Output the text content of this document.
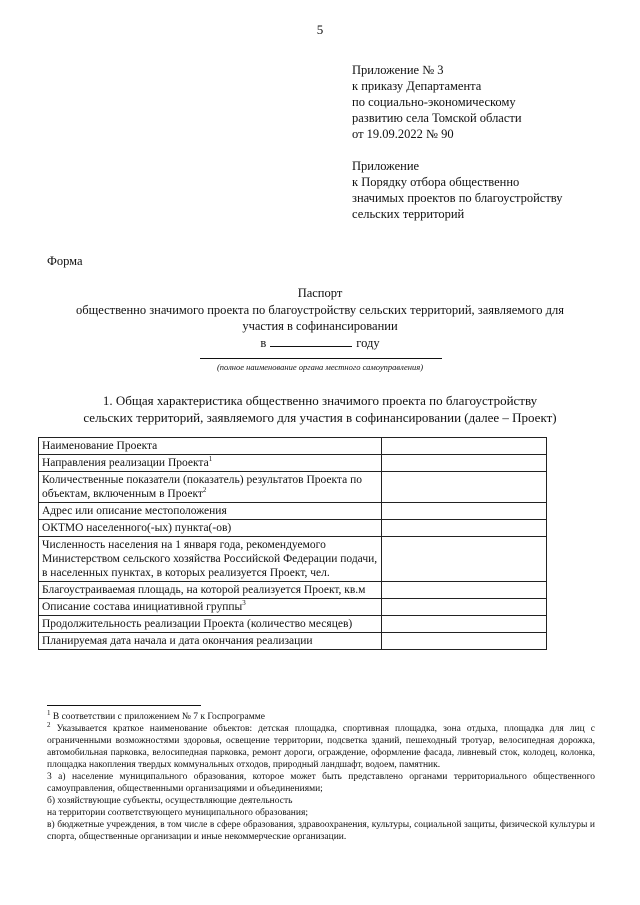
5
Приложение № 3
к приказу Департамента
по социально-экономическому
развитию села Томской области
от 19.09.2022 № 90
Приложение
к Порядку отбора общественно
значимых проектов по благоустройству
сельских территорий
Форма
Паспорт
общественно значимого проекта по благоустройству сельских территорий, заявляемого для
участия в софинансировании
в	году
(полное наименование органа местного самоуправления)
1. Общая характеристика общественно значимого проекта по благоустройству
сельских территорий, заявляемого для участия в софинансировании (далее – Проект)
Наименование Проекта	
Направления реализации Проекта$^1$	
Количественные показатели (показатель) результатов Проекта по объектам, включенным в Проект$^2$	
Адрес или описание местоположения	
ОКТМО населенного(-ых) пункта(-ов)	
Численность населения на 1 января года, рекомендуемого Министерством сельского хозяйства Российской Федерации подачи, в населенных пунктах, в которых реализуется Проект, чел.	
Благоустраиваемая площадь, на которой реализуется Проект, кв.м	
Описание состава инициативной группы$^3$	
Продолжительность реализации Проекта (количество месяцев)	
Планируемая дата начала и дата окончания реализации	

$^1$ В соответствии с приложением № 7 к Госпрограмме

$^2$ Указывается краткое наименование объектов: детская площадка, спортивная площадка, зона отдыха, площадка для лиц с ограниченными возможностями здоровья, освещение территории, подсветка зданий, пешеходный тротуар, велосипедная дорожка, автомобильная парковка, велосипедная парковка, ремонт дороги, ограждение, оформление фасада, ливневый сток, колодец, колонка, площадка накопления твердых коммунальных отходов, природный ландшафт, водоем, памятник.

3 а) население муниципального образования, которое может быть представлено органами территориального общественного самоуправления, общественными организациями и объединениями;

б) хозяйствующие субъекты, осуществляющие деятельность

на территории соответствующего муниципального образования;

в) бюджетные учреждения, в том числе в сфере образования, здравоохранения, культуры, социальной защиты, физической культуры и спорта, общественные организации и иные некоммерческие организации.
